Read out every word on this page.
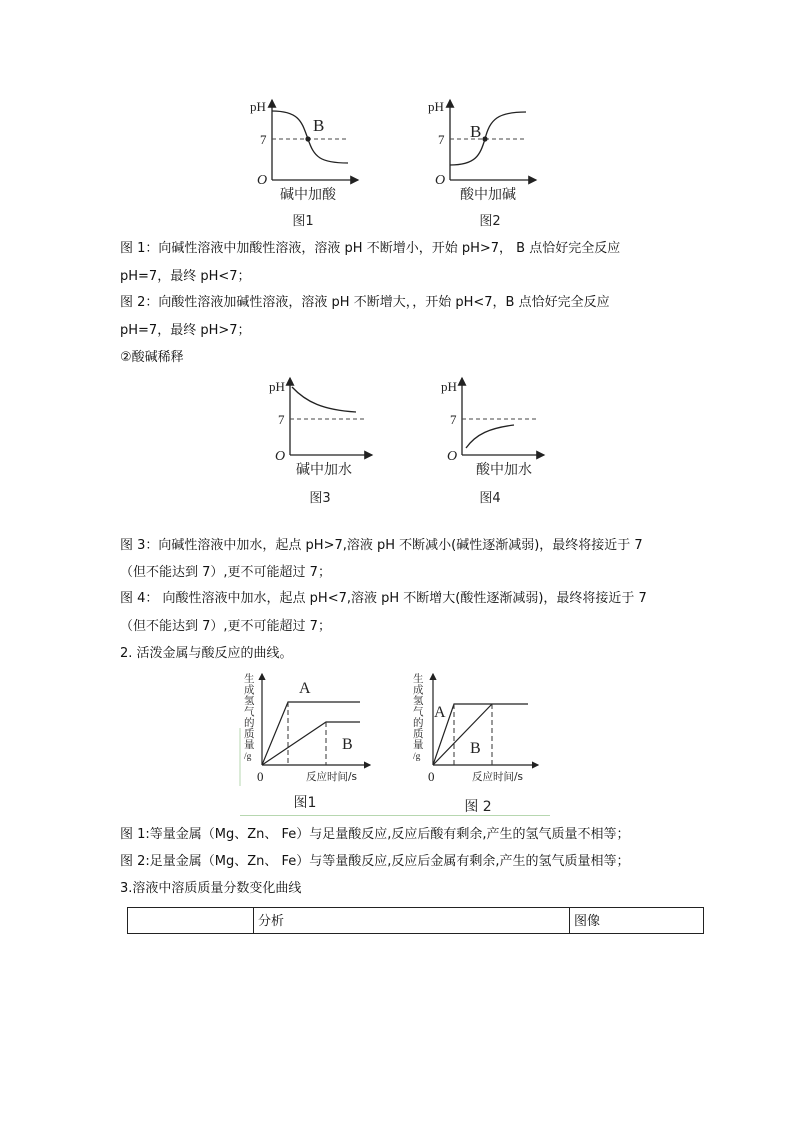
pH
7
O
B
碱中加酸
图1
pH
7
O
B
酸中加碱
图2
图 1：向碱性溶液中加酸性溶液，溶液 pH 不断增小，开始 pH>7， B 点恰好完全反应
pH=7，最终 pH<7；
图 2：向酸性溶液加碱性溶液，溶液 pH 不断增大，，开始 pH<7，B 点恰好完全反应
pH=7，最终 pH>7；
②酸碱稀释
pH
7
O
碱中加水
图3
pH
7
O
酸中加水
图4
图 3：向碱性溶液中加水，起点 pH>7,溶液 pH 不断减小(碱性逐渐减弱)，最终将接近于 7
（但不能达到 7）,更不可能超过 7；
图 4： 向酸性溶液中加水，起点 pH<7,溶液 pH 不断增大(酸性逐渐减弱)，最终将接近于 7
（但不能达到 7）,更不可能超过 7；
2. 活泼金属与酸反应的曲线。
生
成
氢
气
的
质
量
/g
0
A
B
反应时间/s
图1
生
成
氢
气
的
质
量
/g
0
A
B
反应时间/s
图 2
图 1:等量金属（Mg、Zn、 Fe）与足量酸反应,反应后酸有剩余,产生的氢气质量不相等；
图 2:足量金属（Mg、Zn、 Fe）与等量酸反应,反应后金属有剩余,产生的氢气质量相等；
3.溶液中溶质质量分数变化曲线
分析	图像
